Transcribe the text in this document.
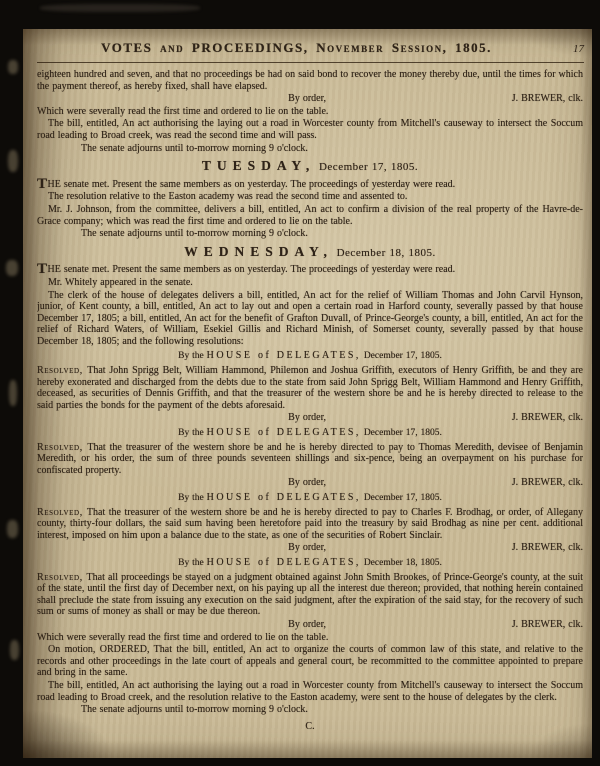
VOTES and PROCEEDINGS, November Session, 1805.	17

eighteen hundred and seven, and that no proceedings be had on said bond to recover the money thereby due, until the times for which the payment thereof, as hereby fixed, shall have elapsed.

By order,	J. BREWER, clk.

Which were severally read the first time and ordered to lie on the table.

The bill, entitled, An act authorising the laying out a road in Worcester county from Mitchell's causeway to intersect the Soccum road leading to Broad creek, was read the second time and will pass.

The senate adjourns until to-morrow morning 9 o'clock.

TUESDAY, December 17, 1805.

THE senate met. Present the same members as on yesterday. The proceedings of yesterday were read.

The resolution relative to the Easton academy was read the second time and assented to.

Mr. J. Johnson, from the committee, delivers a bill, entitled, An act to confirm a division of the real property of the Havre-de-Grace company; which was read the first time and ordered to lie on the table.

The senate adjourns until to-morrow morning 9 o'clock.

WEDNESDAY, December 18, 1805.

THE senate met. Present the same members as on yesterday. The proceedings of yesterday were read.

Mr. Whitely appeared in the senate.

The clerk of the house of delegates delivers a bill, entitled, An act for the relief of William Thomas and John Carvil Hynson, junior, of Kent county, a bill, entitled, An act to lay out and open a certain road in Harford county, severally passed by that house December 17, 1805; a bill, entitled, An act for the benefit of Grafton Duvall, of Prince-George's county, a bill, entitled, An act for the relief of Richard Waters, of William, Esekiel Gillis and Richard Minish, of Somerset county, severally passed by that house December 18, 1805; and the following resolutions:

By the HOUSE of DELEGATES, December 17, 1805.

Resolved, That John Sprigg Belt, William Hammond, Philemon and Joshua Griffith, executors of Henry Griffith, be and they are hereby exonerated and discharged from the debts due to the state from said John Sprigg Belt, William Hammond and Henry Griffith, deceased, as securities of Dennis Griffith, and that the treasurer of the western shore be and he is hereby directed to release to the said parties the bonds for the payment of the debts aforesaid.

By order,	J. BREWER, clk.
By the HOUSE of DELEGATES, December 17, 1805.

Resolved, That the treasurer of the western shore be and he is hereby directed to pay to Thomas Meredith, devisee of Benjamin Meredith, or his order, the sum of three pounds seventeen shillings and six-pence, being an overpayment on his purchase for confiscated property.

By order,	J. BREWER, clk.
By the HOUSE of DELEGATES, December 17, 1805.

Resolved, That the treasurer of the western shore be and he is hereby directed to pay to Charles F. Brodhag, or order, of Allegany county, thirty-four dollars, the said sum having been heretofore paid into the treasury by said Brodhag as nine per cent. additional interest, imposed on him upon a balance due to the state, as one of the securities of Robert Sinclair.

By order,	J. BREWER, clk.
By the HOUSE of DELEGATES, December 18, 1805.

Resolved, That all proceedings be stayed on a judgment obtained against John Smith Brookes, of Prince-George's county, at the suit of the state, until the first day of December next, on his paying up all the interest due thereon; provided, that nothing herein contained shall preclude the state from issuing any execution on the said judgment, after the expiration of the said stay, for the recovery of such sum or sums of money as shall or may be due thereon.

By order,	J. BREWER, clk.

Which were severally read the first time and ordered to lie on the table.

On motion, ORDERED, That the bill, entitled, An act to organize the courts of common law of this state, and relative to the records and other proceedings in the late court of appeals and general court, be recommitted to the committee appointed to prepare and bring in the same.

The bill, entitled, An act authorising the laying out a road in Worcester county from Mitchell's causeway to intersect the Soccum road leading to Broad creek, and the resolution relative to the Easton academy, were sent to the house of delegates by the clerk.

The senate adjourns until to-morrow morning 9 o'clock.

C.
